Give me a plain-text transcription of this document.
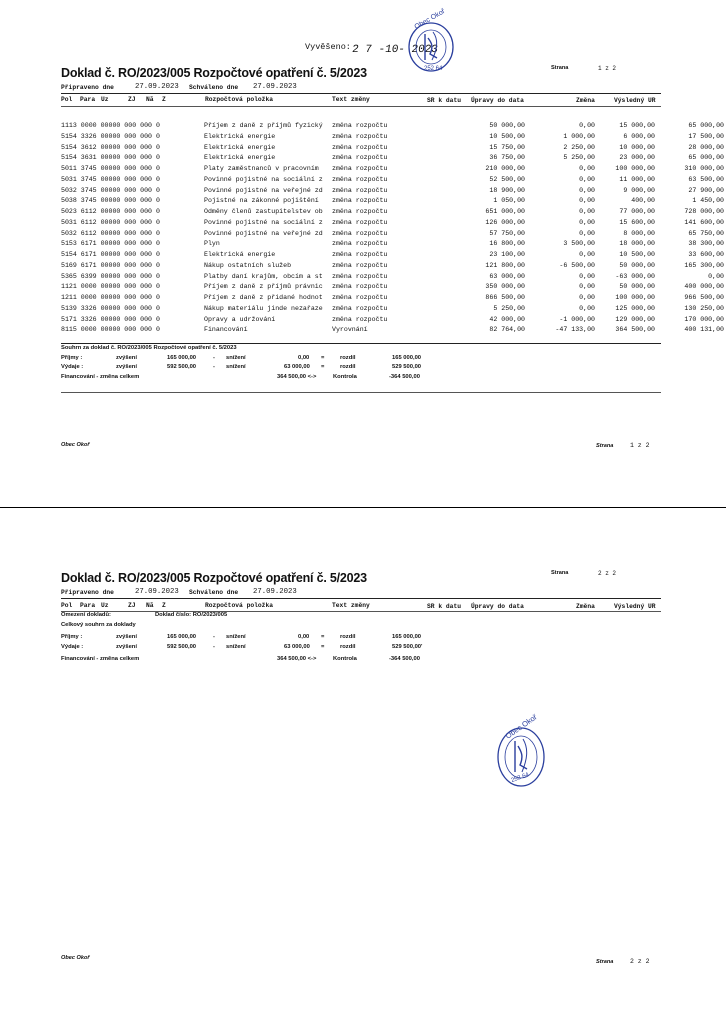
Vyvěšeno: 2 7 -10- 2023
Obec Okoř
252 64
Doklad č. RO/2023/005 Rozpočtové opatření č. 5/2023	Strana	1 z 2
Připraveno dne	27.09.2023 Schváleno dne 27.09.2023
Pol Para Uz	ZJ Nã Z	Rozpočtová položka	Text změny	SR k datu Úpravy do data	Změna	Výsledný UR
1113 0000 00000 000 000 0	Příjem z daně z příjmů fyzický změna rozpočtu	50 000,00	0,00	15 000,00	65 000,00
5154 3326 00000 000 000 0	Elektrická energie	změna rozpočtu	10 500,00	1 000,00	6 000,00	17 500,00
5154 3612 00000 000 000 0	Elektrická energie	změna rozpočtu	15 750,00	2 250,00	10 000,00	28 000,00
5154 3631 00000 000 000 0	Elektrická energie	změna rozpočtu	36 750,00	5 250,00	23 000,00	65 000,00
5011 3745 00000 000 000 0	Platy zaměstnanců v pracovním změna rozpočtu	210 000,00	0,00	100 000,00	310 000,00
5031 3745 00000 000 000 0	Povinné pojistné na sociální z změna rozpočtu	52 500,00	0,00	11 000,00	63 500,00
5032 3745 00000 000 000 0	Povinné pojistné na veřejné zd změna rozpočtu	18 900,00	0,00	9 000,00	27 900,00
5038 3745 00000 000 000 0	Pojistné na zákonné pojištění změna rozpočtu	1 050,00	0,00	400,00	1 450,00
5023 6112 00000 000 000 0	Odměny členů zastupitelstev ob změna rozpočtu	651 000,00	0,00	77 000,00	728 000,00
5031 6112 00000 000 000 0	Povinné pojistné na sociální z změna rozpočtu	126 000,00	0,00	15 600,00	141 600,00
5032 6112 00000 000 000 0	Povinné pojistné na veřejné zd změna rozpočtu	57 750,00	0,00	8 000,00	65 750,00
5153 6171 00000 000 000 0	Plyn	změna rozpočtu	16 800,00	3 500,00	18 000,00	38 300,00
5154 6171 00000 000 000 0	Elektrická energie	změna rozpočtu	23 100,00	0,00	10 500,00	33 600,00
5169 6171 00000 000 000 0	Nákup ostatních služeb	změna rozpočtu	121 800,00	-6 500,00	50 000,00	165 300,00
5365 6399 00000 000 000 0	Platby daní krajům, obcím a st změna rozpočtu	63 000,00	0,00	-63 000,00	0,00
1121 0000 00000 000 000 0	Příjem z daně z příjmů právnic změna rozpočtu	350 000,00	0,00	50 000,00	400 000,00
1211 0000 00000 000 000 0	Příjem z daně z přidané hodnot změna rozpočtu	866 500,00	0,00	100 000,00	966 500,00
5139 3326 00000 000 000 0	Nákup materiálu jinde nezařaze změna rozpočtu	5 250,00	0,00	125 000,00	130 250,00
5171 3326 00000 000 000 0	Opravy a udržování	změna rozpočtu	42 000,00	-1 000,00	129 000,00	170 000,00
8115 0000 00000 000 000 0	Financování	Vyrovnání	82 764,00	-47 133,00	364 500,00	400 131,00
Souhrn za doklad č. RO/2023/005 Rozpočtové opatření č. 5/2023
Příjmy :	zvýšení	165 000,00	- snížení	0,00 =	rozdíl	165 000,00
Výdaje :	zvýšení	592 500,00	- snížení	63 000,00 =	rozdíl	529 500,00
Financování - změna celkem	364 500,00 <->	Kontrola	-364 500,00
Obec Okoř	Strana	1 z 2
Doklad č. RO/2023/005 Rozpočtové opatření č. 5/2023	Strana	2 z 2
Připraveno dne	27.09.2023 Schváleno dne 27.09.2023
Pol Para Uz	ZJ Nã Z	Rozpočtová položka	Text změny	SR k datu Úpravy do data	Změna	Výsledný UR
Omezení dokladů:	Doklad číslo: RO/2023/005
Celkový souhrn za doklady
Příjmy :	zvýšení	165 000,00	- snížení	0,00 =	rozdíl	165 000,00
Výdaje :	zvýšení	592 500,00	- snížení	63 000,00 =	rozdíl	529 500,00'
Financování - změna celkem	364 500,00 <->	Kontrola	-364 500,00
Obec Okoř
252 64
Obec Okoř
Strana	2 z 2
